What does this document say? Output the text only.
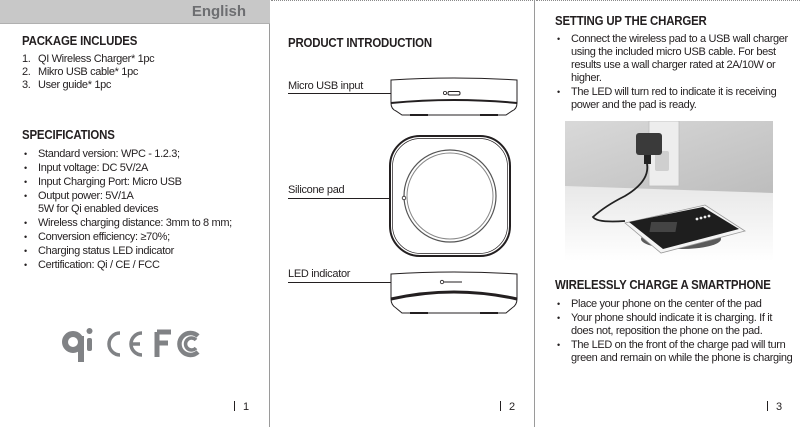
English
PACKAGE INCLUDES
1. QI Wireless Charger* 1pc
2. Mikro USB cable* 1pc
3. User guide* 1pc
SPECIFICATIONS
• Standard version: WPC - 1.2.3;
• Input voltage: DC 5V/2A
• Input Charging Port: Micro USB
• Output power: 5V/1A
5W for Qi enabled devices
• Wireless charging distance: 3mm to 8 mm;
• Conversion efficiency: ≥70%;
• Charging status LED indicator
• Certification: Qi / CE / FCC
1
PRODUCT INTRODUCTION
Micro USB input
Silicone pad
LED indicator
2
SETTING UP THE CHARGER
• Connect the wireless pad to a USB wall charger using the included micro USB cable. For best results use a wall charger rated at 2A/10W or higher.
• The LED will turn red to indicate it is receiving power and the pad is ready.
WIRELESSLY CHARGE A SMARTPHONE
• Place your phone on the center of the pad
• Your phone should indicate it is charging. If it does not, reposition the phone on the pad.
• The LED on the front of the charge pad will turn green and remain on while the phone is charging
3
